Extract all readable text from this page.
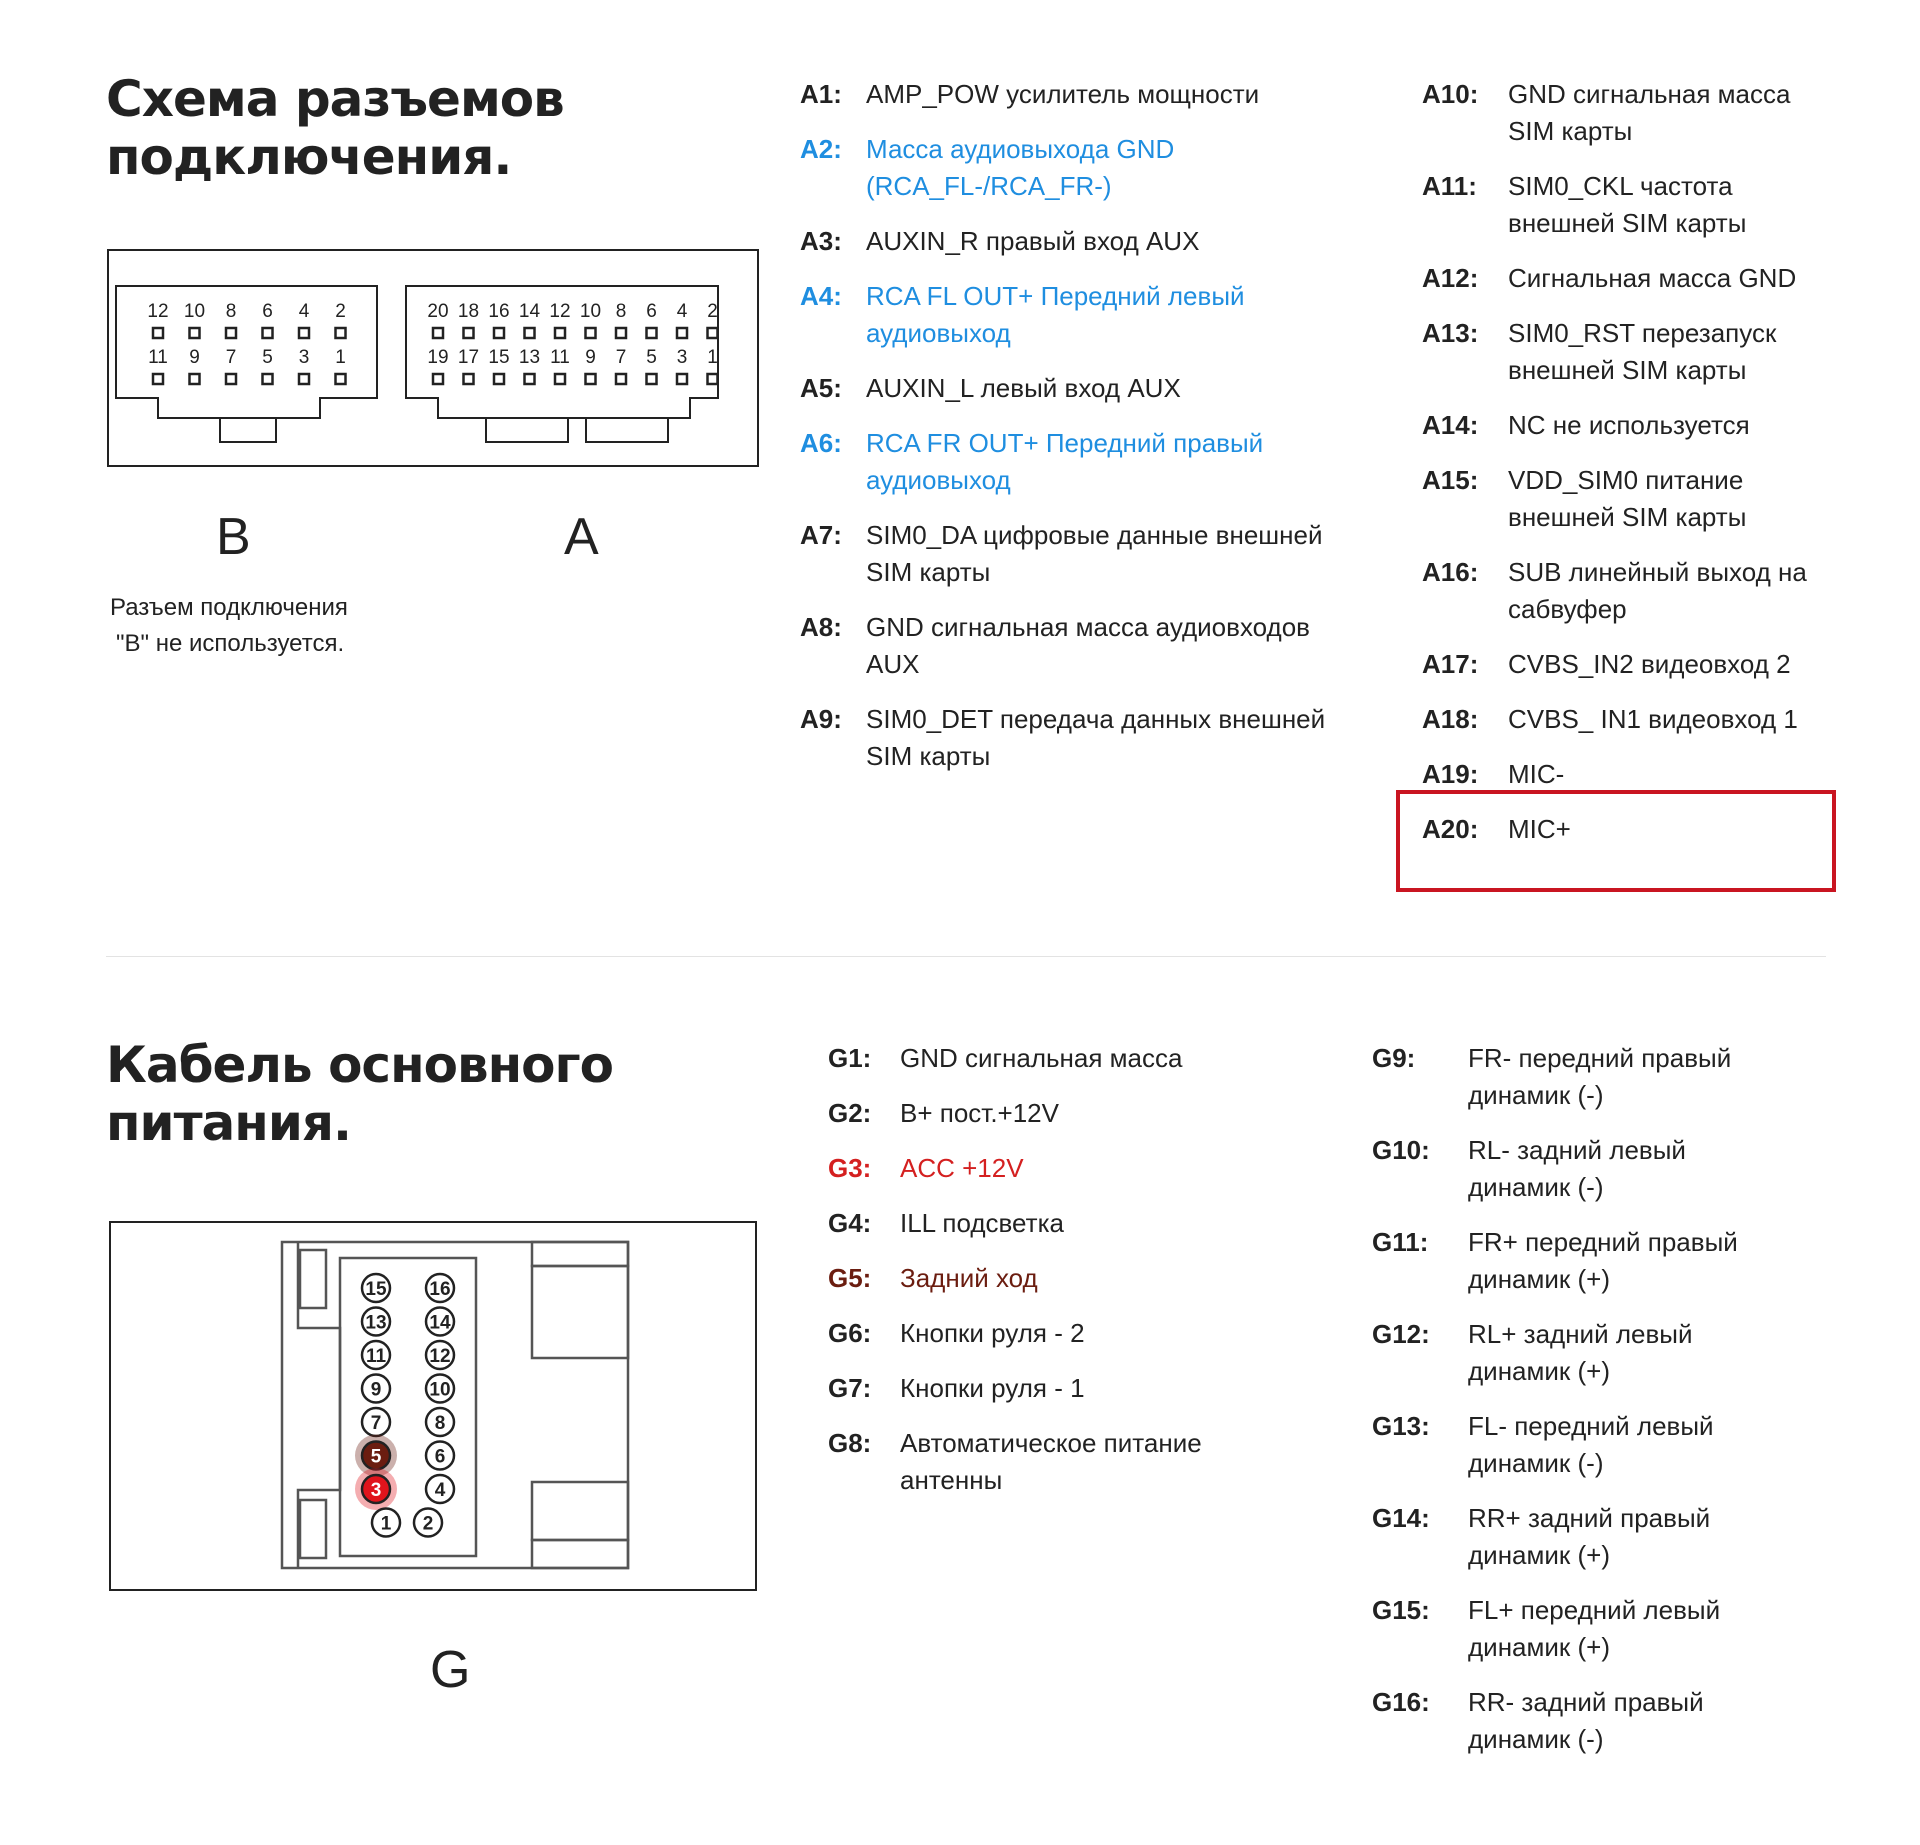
Схема разъемов
подключения.
12 10 8 6 4 2
11 9 7 5 3 1
20 18 16 14 12 10 8 6 4 2
19 17 15 13 11 9 7 5 3 1
B	A

Разъем подключения
"B" не используется.

A1: AMP_POW усилитель мощности
A2: Масса аудиовыхода GND (RCA_FL-/RCA_FR-)
A3: AUXIN_R правый вход AUX
A4: RCA FL OUT+ Передний левый аудиовыход
A5: AUXIN_L левый вход AUX
A6: RCA FR OUT+ Передний правый аудиовыход
A7: SIM0_DA цифровые данные внешней SIM карты
A8: GND сигнальная масса аудиовходов AUX
A9: SIM0_DET передача данных внешней SIM карты
A10:	GND сигнальная масса SIM карты
A11:	SIM0_CKL частота внешней SIM карты
A12:	Сигнальная масса GND
A13:	SIM0_RST перезапуск внешней SIM карты
A14:	NC не используется
A15:	VDD_SIM0 питание внешней SIM карты
A16:	SUB линейный выход на сабвуфер
A17:	CVBS_IN2 видеовход 2
A18:	CVBS_ IN1 видеовход 1
A19:	MIC-
A20:	MIC+
Кабель основного
питания.
15 16
13 14
11 12
9	10
7	8
5	6
3	4
1 2
G
G1:	GND сигнальная масса
G2:	B+ пост.+12V
G3:	ACC +12V
G4:	ILL подсветка
G5:	Задний ход
G6:	Кнопки руля - 2
G7:	Кнопки руля - 1
G8:	Автоматическое питание антенны
G9:	FR- передний правый динамик (-)
G10:	RL- задний левый динамик (-)
G11:	FR+ передний правый динамик (+)
G12:	RL+ задний левый динамик (+)
G13:	FL- передний левый динамик (-)
G14:	RR+ задний правый динамик (+)
G15:	FL+ передний левый динамик (+)
G16:	RR- задний правый динамик (-)
